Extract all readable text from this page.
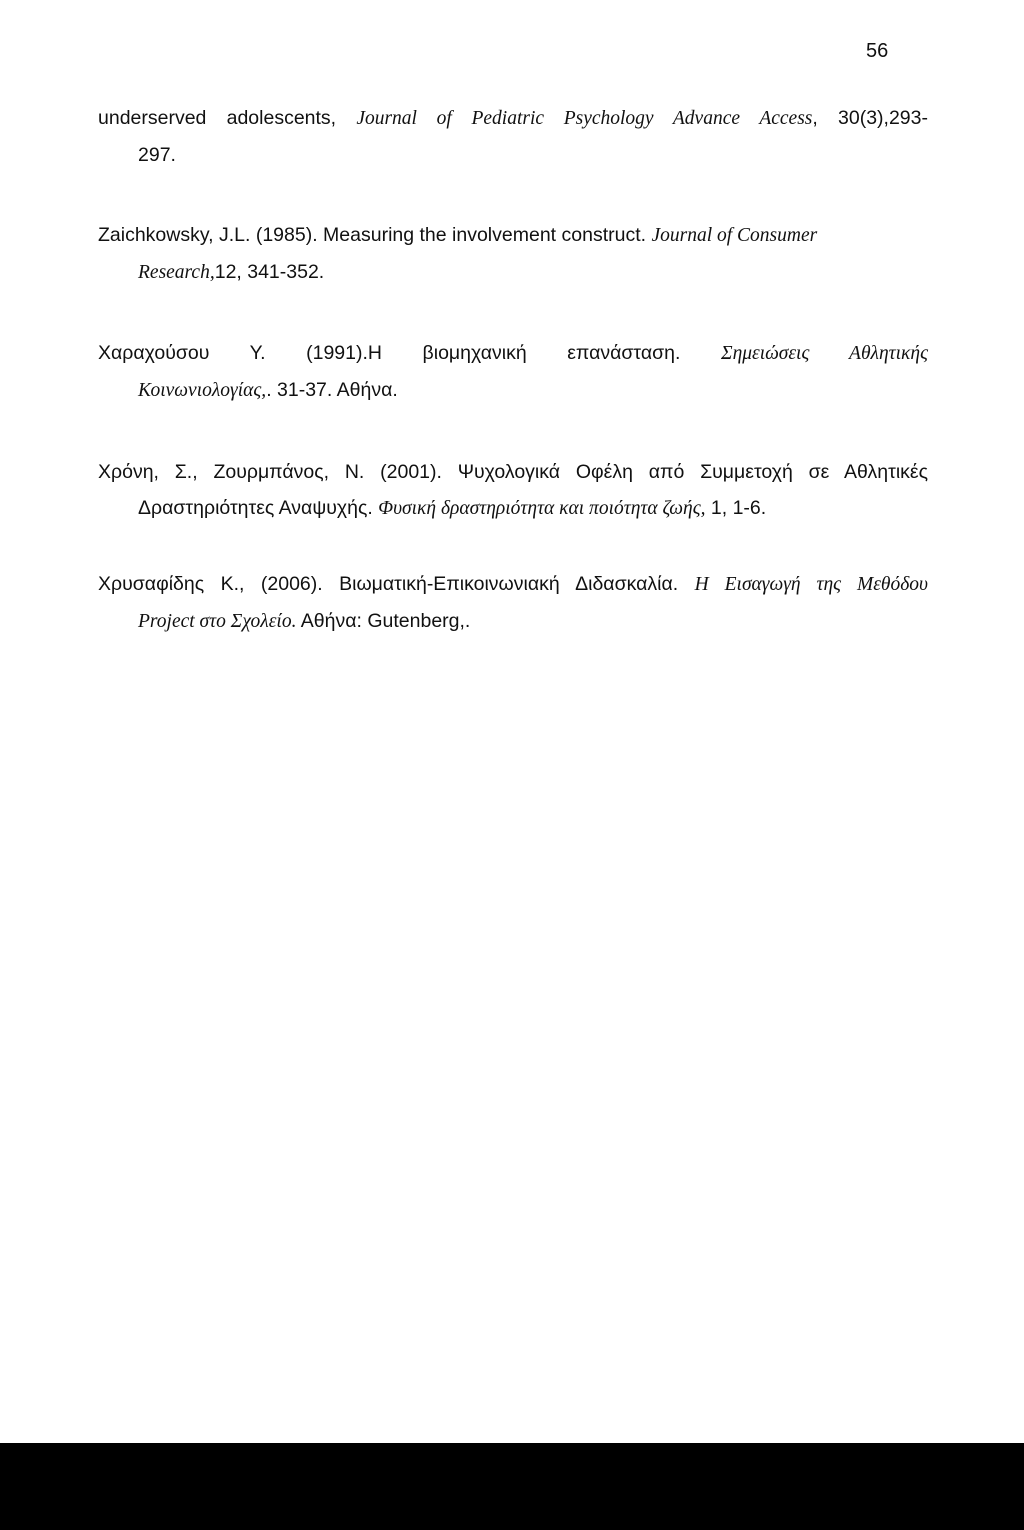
56
underserved adolescents, Journal of Pediatric Psychology Advance Access, 30(3),293-
297.
Zaichkowsky, J.L. (1985). Measuring the involvement construct. Journal of Consumer
Research,12, 341-352.
Χαραχούσου Υ. (1991).Η βιομηχανική επανάσταση. Σημειώσεις Αθλητικής
Κοινωνιολογίας,. 31-37. Αθήνα.
Χρόνη, Σ., Ζουρμπάνος, Ν. (2001). Ψυχολογικά Οφέλη από Συμμετοχή σε Αθλητικές
Δραστηριότητες Αναψυχής. Φυσική δραστηριότητα και ποιότητα ζωής, 1, 1-6.
Χρυσαφίδης Κ., (2006). Βιωματική-Επικοινωνιακή Διδασκαλία. Η Εισαγωγή της Μεθόδου
Project στο Σχολείο. Αθήνα: Gutenberg,.
